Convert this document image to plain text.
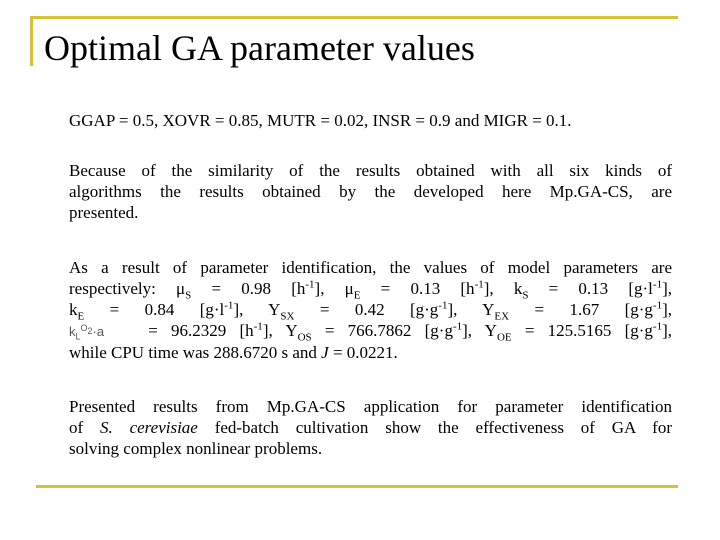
Optimal GA parameter values

GGAP = 0.5, XOVR = 0.85, MUTR = 0.02, INSR = 0.9 and MIGR = 0.1.

Because of the similarity of the results obtained with all six kinds of
algorithms the results obtained by the developed here Mp.GA-CS, are
presented.

As a result of parameter identification, the values of model parameters are
respectively: $\mu_S = 0.98$ $[h^{-1}]$, $\mu_E = 0.13$ $[h^{-1}]$, $k_S = 0.13$ $[g\cdot l^{-1}]$,
$k_E = 0.84$ $[g\cdot l^{-1}]$, $Y_{SX} = 0.42$ $[g\cdot g^{-1}]$, $Y_{EX} = 1.67$ $[g\cdot g^{-1}]$,
$k_L^{O_2}\cdot a = 96.2329$ $[h^{-1}]$, $Y_{OS} = 766.7862$ $[g\cdot g^{-1}]$, $Y_{OE} = 125.5165$ $[g\cdot g^{-1}]$,
while CPU time was 288.6720 s and J = 0.0221.

Presented results from Mp.GA-CS application for parameter identification
of S. cerevisiae fed-batch cultivation show the effectiveness of GA for
solving complex nonlinear problems.
